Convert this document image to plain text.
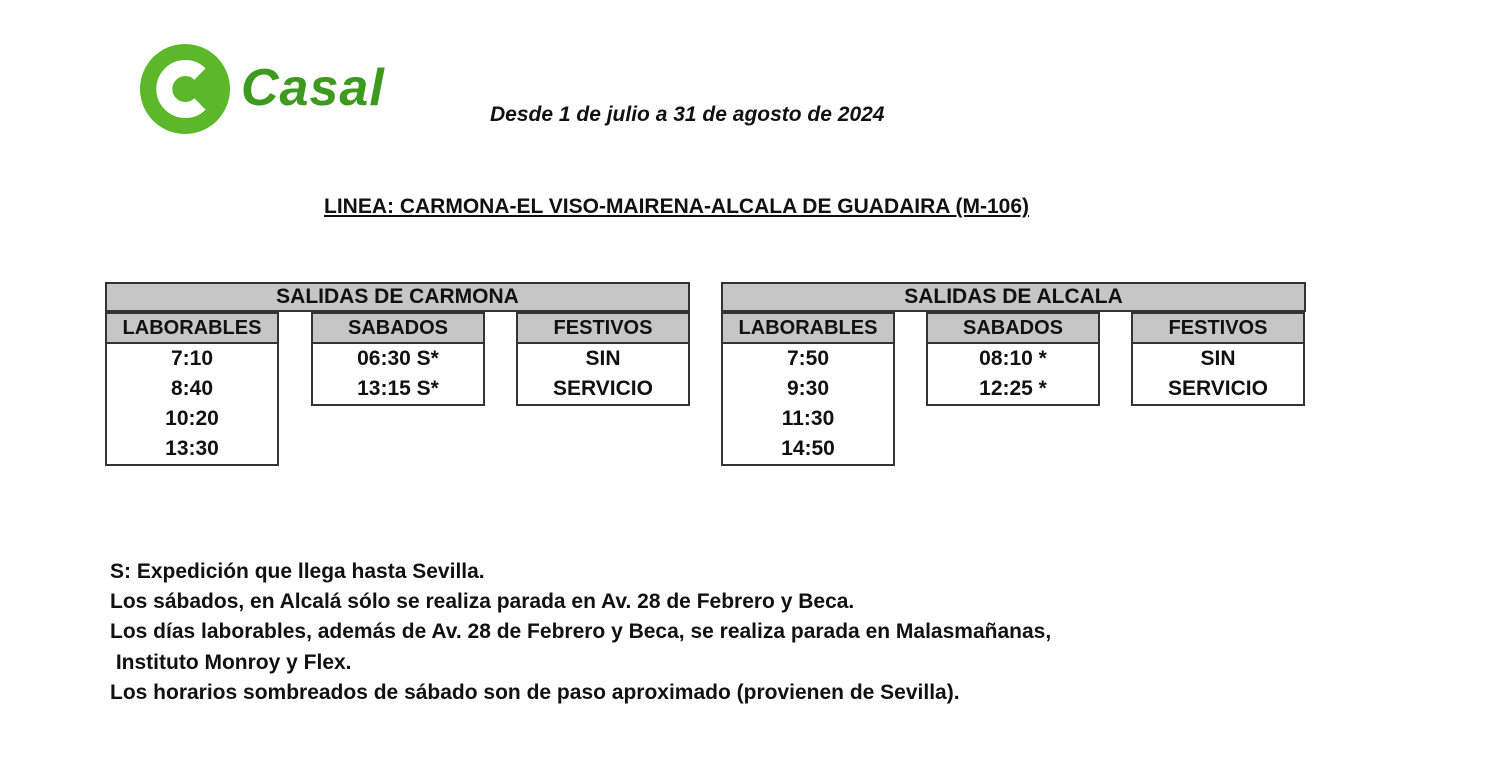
Casal	Desde 1 de julio a 31 de agosto de 2024
LINEA: CARMONA-EL VISO-MAIRENA-ALCALA DE GUADAIRA (M-106)
SALIDAS DE CARMONA
LABORABLES
7:10
8:40
10:20
13:30
SABADOS
06:30 S*
13:15 S*
FESTIVOS
SIN
SERVICIO
SALIDAS DE ALCALA
LABORABLES
7:50
9:30
11:30
14:50
SABADOS
08:10 *
12:25 *
FESTIVOS
SIN
SERVICIO
S: Expedición que llega hasta Sevilla.
Los sábados, en Alcalá sólo se realiza parada en Av. 28 de Febrero y Beca.
Los días laborables, además de Av. 28 de Febrero y Beca, se realiza parada en Malasmañanas,
Instituto Monroy y Flex.
Los horarios sombreados de sábado son de paso aproximado (provienen de Sevilla).
